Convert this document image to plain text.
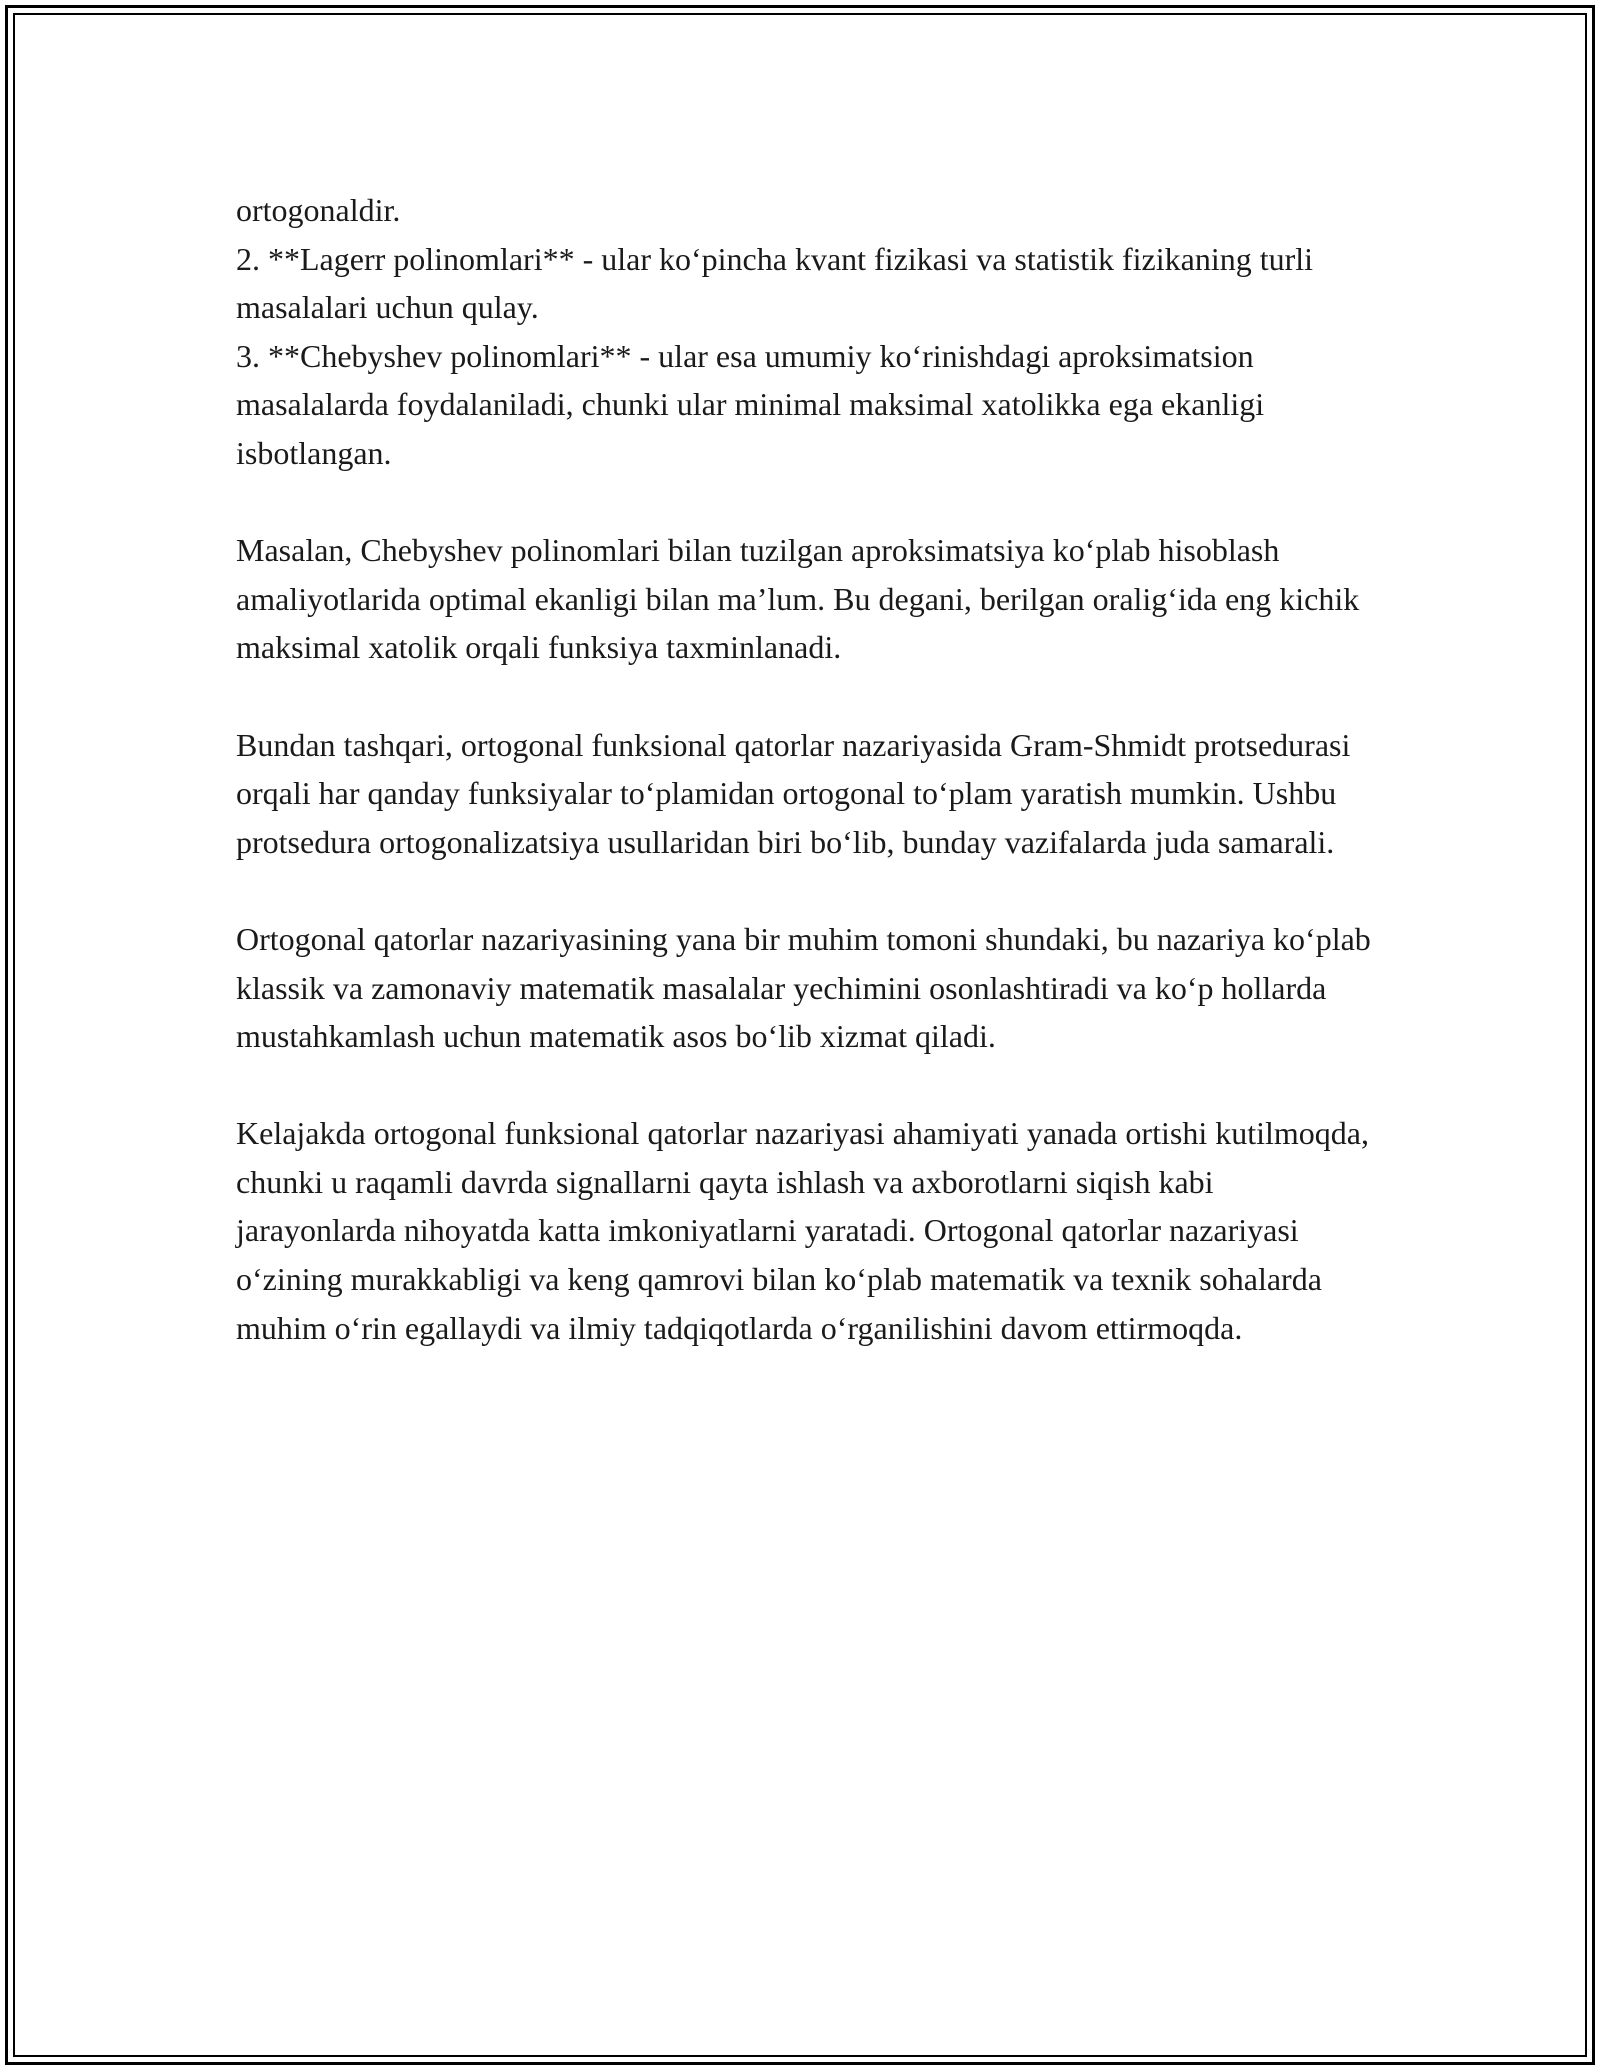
ortogonaldir.
2. **Lagerr polinomlari** - ular ko‘pincha kvant fizikasi va statistik fizikaning turli masalalari uchun qulay.
3. **Chebyshev polinomlari** - ular esa umumiy ko‘rinishdagi aproksimatsion masalalarda foydalaniladi, chunki ular minimal maksimal xatolikka ega ekanligi isbotlangan.

Masalan, Chebyshev polinomlari bilan tuzilgan aproksimatsiya ko‘plab hisoblash amaliyotlarida optimal ekanligi bilan ma’lum. Bu degani, berilgan oralig‘ida eng kichik maksimal xatolik orqali funksiya taxminlanadi.

Bundan tashqari, ortogonal funksional qatorlar nazariyasida Gram-Shmidt protsedurasi orqali har qanday funksiyalar to‘plamidan ortogonal to‘plam yaratish mumkin. Ushbu protsedura ortogonalizatsiya usullaridan biri bo‘lib, bunday vazifalarda juda samarali.

Ortogonal qatorlar nazariyasining yana bir muhim tomoni shundaki, bu nazariya ko‘plab klassik va zamonaviy matematik masalalar yechimini osonlashtiradi va ko‘p hollarda mustahkamlash uchun matematik asos bo‘lib xizmat qiladi.

Kelajakda ortogonal funksional qatorlar nazariyasi ahamiyati yanada ortishi kutilmoqda, chunki u raqamli davrda signallarni qayta ishlash va axborotlarni siqish kabi jarayonlarda nihoyatda katta imkoniyatlarni yaratadi. Ortogonal qatorlar nazariyasi o‘zining murakkabligi va keng qamrovi bilan ko‘plab matematik va texnik sohalarda muhim o‘rin egallaydi va ilmiy tadqiqotlarda o‘rganilishini davom ettirmoqda.
